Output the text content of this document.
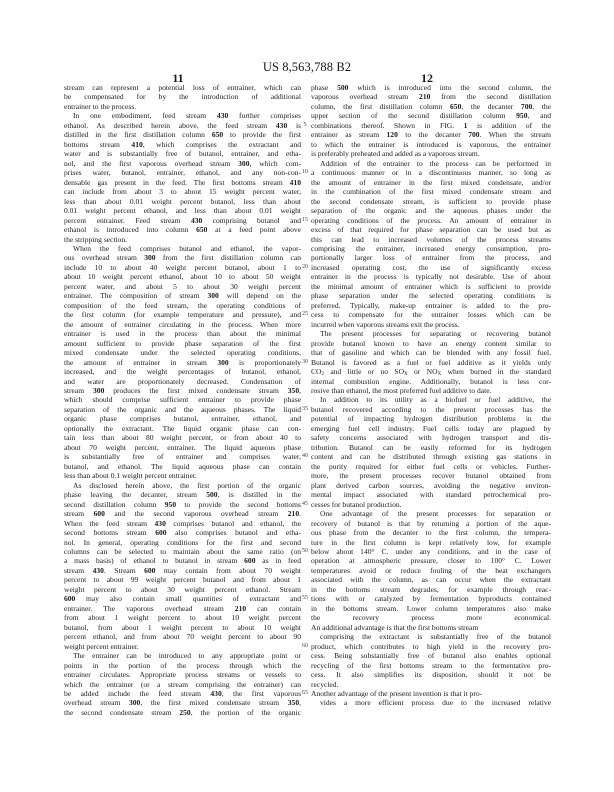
US 8,563,788 B2
11	12
stream can represent a potential loss of entrainer, which can
be compensated for by the introduction of additional
entrainer to the process.
In one embodiment, feed stream 430 further comprises
ethanol. As described herein above, the feed stream 430 is
distilled in the first distillation column 650 to provide the first
bottoms stream 410, which comprises the extractant and
water and is substantially free of butanol, entrainer, and etha-
nol, and the first vaporous overhead stream 300, which com-
prises water, butanol, entrainer, ethanol, and any non-con-
densable gas present in the feed. The first bottoms stream 410
can include from about 3 to about 15 weight percent water,
less than about 0.01 weight percent butanol, less than about
0.01 weight percent ethanol, and less than about 0.01 weight
percent entrainer. Feed stream 430 comprising butanol and
ethanol is introduced into column 650 at a feed point above
the stripping section.
When the feed comprises butanol and ethanol, the vapor-
ous overhead stream 300 from the first distillation column can
include 10 to about 40 weight percent butanol, about 1 to
about 10 weight percent ethanol, about 10 to about 50 weight
percent water, and about 5 to about 30 weight percent
entrainer. The composition of stream 300 will depend on the
composition of the feed stream, the operating conditions of
the first column (for example temperature and pressure), and
the amount of entrainer circulating in the process. When more
entrainer is used in the process than about the minimal
amount sufficient to provide phase separation of the first
mixed condensate under the selected operating conditions,
the amount of entrainer in stream 300 is proportionately
increased, and the weight percentages of butanol, ethanol,
and water are proportionately decreased. Condensation of
stream 300 produces the first mixed condensate stream 350,
which should comprise sufficient entrainer to provide phase
separation of the organic and the aqueous phases. The liquid
organic phase comprises butanol, entrainer, ethanol, and
optionally the extractant. The liquid organic phase can con-
tain less than about 80 weight percent, or from about 40 to
about 70 weight percent, entrainer. The liquid aqueous phase
is substantially free of entrainer and comprises water,
butanol, and ethanol. The liquid aqueous phase can contain
less than about 0.1 weight percent entrainer.
As disclosed herein above, the first portion of the organic
phase leaving the decanter, stream 500, is distilled in the
second distillation column 950 to provide the second bottoms
stream 600 and the second vaporous overhead stream 210.
When the feed stream 430 comprises butanol and ethanol, the
second bottoms stream 600 also comprises butanol and etha-
nol. In general, operating conditions for the first and second
columns can be selected to maintain about the same ratio (on
a mass basis) of ethanol to butanol in stream 600 as in feed
stream 430. Stream 600 may contain from about 70 weight
percent to about 99 weight percent butanol and from about 1
weight percent to about 30 weight percent ethanol. Stream
600 may also contain small quantities of extractant and
entrainer. The vaporous overhead stream 210 can contain
from about 1 weight percent to about 10 weight percent
butanol, from about 1 weight percent to about 10 weight
percent ethanol, and from about 70 weight percent to about 90
weight percent entrainer.
The entrainer can be introduced to any appropriate point or
points in the portion of the process through which the
entrainer circulates. Appropriate process streams or vessels to
which the entrainer (or a stream comprising the entrainer) can
be added include the feed stream 430, the first vaporous
overhead stream 300, the first mixed condensate stream 350,
the second condensate stream 250, the portion of the organic
5
10
15
20
25
30
35
40
45
50
55
60
65
phase 500 which is introduced into the second column, the
vaporous overhead stream 210 from the second distillation
column, the first distillation column 650, the decanter 700, the
upper section of the second distillation column 950, and
combinations thereof. Shown in FIG. 1 is addition of the
entrainer as stream 120 to the decanter 700. When the stream
to which the entrainer is introduced is vaporous, the entrainer
is preferably preheated and added as a vaporous stream.
Addition of the entrainer to the process can be performed in
a continuous manner or in a discontinuous manner, so long as
the amount of entrainer in the first mixed condensate, and/or
in the combination of the first mixed condensate stream and
the second condensate stream, is sufficient to provide phase
separation of the organic and the aqueous phases under the
operating conditions of the process. An amount of entrainer in
excess of that required for phase separation can be used but as
this can lead to increased volumes of the process streams
comprising the entrainer, increased energy consumption, pro-
portionally larger loss of entrainer from the process, and
increased operating cost, the use of significantly excess
entrainer in the process is typically not desirable. Use of about
the minimal amount of entrainer which is sufficient to provide
phase separation under the selected operating conditions is
preferred. Typically, make-up entrainer is added to the pro-
cess to compensate for the entrainer losses which can be
incurred when vaporous streams exit the process.
The present processes for separating or recovering butanol
provide butanol known to have an energy content similar to
that of gasoline and which can be blended with any fossil fuel.
Butanol is favored as a fuel or fuel additive as it yields only
$CO_2$ and little or no $SO_X$ or $NO_X$ when burned in the standard
internal combustion engine. Additionally, butanol is less cor-
rosive than ethanol, the most preferred fuel additive to date.
In addition to its utility as a biofuel or fuel additive, the
butanol recovered according to the present processes has the
potential of impacting hydrogen distribution problems in the
emerging fuel cell industry. Fuel cells today are plagued by
safety concerns associated with hydrogen transport and dis-
tribution. Butanol can be easily reformed for its hydrogen
content and can be distributed through existing gas stations in
the purity required for either fuel cells or vehicles. Further-
more, the present processes recover butanol obtained from
plant derived carbon sources, avoiding the negative environ-
mental impact associated with standard petrochemical pro-
cesses for butanol production.
One advantage of the present processes for separation or
recovery of butanol is that by returning a portion of the aque-
ous phase from the decanter to the first column, the tempera-
ture in the first column is kept relatively low, for example
below about 140° C. under any conditions, and in the case of
operation at atmospheric pressure, closer to 100° C. Lower
temperatures avoid or reduce fouling of the heat exchangers
associated with the column, as can occur when the extractant
in the bottoms stream degrades, for example through reac-
tions with or catalyzed by fermentation byproducts contained
in the bottoms stream. Lower column temperatures also make
the recovery process more economical.
An additional advantage is that the first bottoms stream
comprising the extractant is substantially free of the butanol
product, which contributes to high yield in the recovery pro-
cess. Being substantially free of butanol also enables optional
recycling of the first bottoms stream to the fermentative pro-
cess. It also simplifies its disposition, should it not be
recycled.
Another advantage of the present invention is that it pro-
vides a more efficient process due to the increased relative
